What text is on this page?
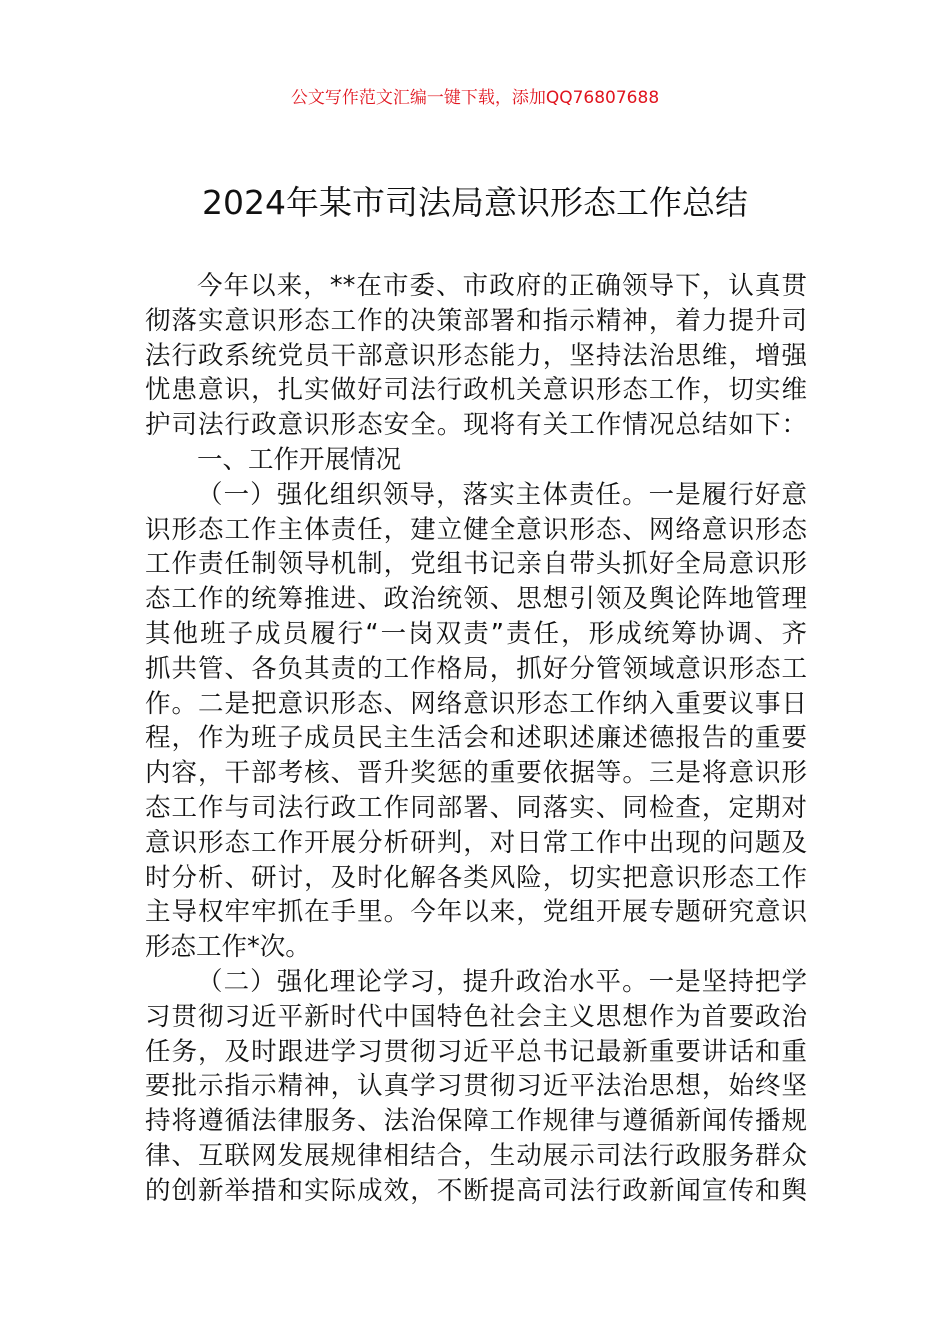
公文写作范文汇编一键下载，添加QQ76807688
2024年某市司法局意识形态工作总结
今年以来，**在市委、市政府的正确领导下，认真贯
彻落实意识形态工作的决策部署和指示精神，着力提升司
法行政系统党员干部意识形态能力，坚持法治思维，增强
忧患意识，扎实做好司法行政机关意识形态工作，切实维
护司法行政意识形态安全。现将有关工作情况总结如下：
一、工作开展情况
（一）强化组织领导，落实主体责任。一是履行好意
识形态工作主体责任，建立健全意识形态、网络意识形态
工作责任制领导机制，党组书记亲自带头抓好全局意识形
态工作的统筹推进、政治统领、思想引领及舆论阵地管理
其他班子成员履行“一岗双责”责任，形成统筹协调、齐
抓共管、各负其责的工作格局，抓好分管领域意识形态工
作。二是把意识形态、网络意识形态工作纳入重要议事日
程，作为班子成员民主生活会和述职述廉述德报告的重要
内容，干部考核、晋升奖惩的重要依据等。三是将意识形
态工作与司法行政工作同部署、同落实、同检查，定期对
意识形态工作开展分析研判，对日常工作中出现的问题及
时分析、研讨，及时化解各类风险，切实把意识形态工作
主导权牢牢抓在手里。今年以来，党组开展专题研究意识
形态工作*次。
（二）强化理论学习，提升政治水平。一是坚持把学
习贯彻习近平新时代中国特色社会主义思想作为首要政治
任务，及时跟进学习贯彻习近平总书记最新重要讲话和重
要批示指示精神，认真学习贯彻习近平法治思想，始终坚
持将遵循法律服务、法治保障工作规律与遵循新闻传播规
律、互联网发展规律相结合，生动展示司法行政服务群众
的创新举措和实际成效，不断提高司法行政新闻宣传和舆
